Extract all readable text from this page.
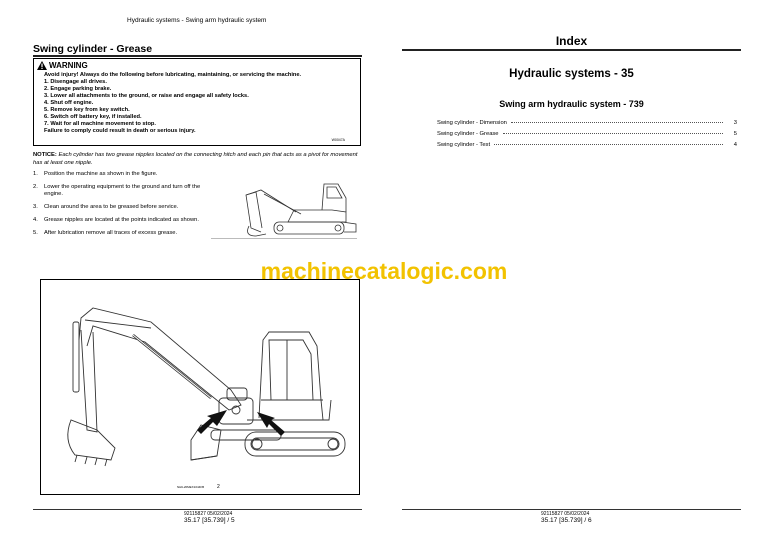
Hydraulic systems - Swing arm hydraulic system
Swing cylinder - Grease
WARNING
Avoid injury! Always do the following before lubricating, maintaining, or servicing the machine.
1. Disengage all drives.
2. Engage parking brake.
3. Lower all attachments to the ground, or raise and engage all safety locks.
4. Shut off engine.
5. Remove key from key switch.
6. Switch off battery key, if installed.
7. Wait for all machine movement to stop.
Failure to comply could result in death or serious injury.
W0047A
NOTICE: Each cylinder has two grease nipples located on the connecting hitch and each pin that acts as a pivot for movement has at least one nipple.
1.	Position the machine as shown in the figure.
2.	Lower the operating equipment to the ground and turn off the engine.
3.	Clean around the area to be greased before service.
4.	Grease nipples are located at the points indicated as shown.
5.	After lubrication remove all traces of excess grease.
NHIL20MEX1044FB	2
92115827 05/02/2024
35.17 [35.739] / 5
Index
Hydraulic systems - 35
Swing arm hydraulic system - 739
Swing cylinder - Dimension	3
Swing cylinder - Grease	5
Swing cylinder - Test	4
92115827 05/02/2024
35.17 [35.739] / 6
machinecatalogic.com
